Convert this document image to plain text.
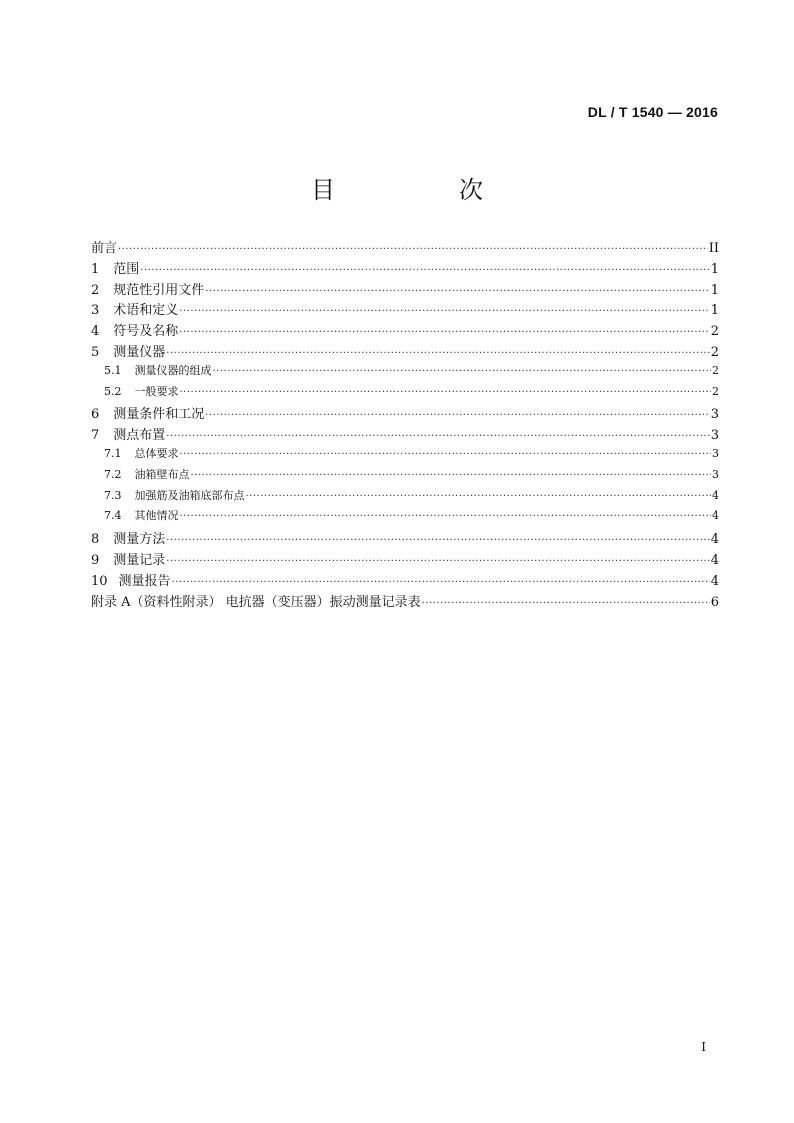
DL / T 1540 — 2016
目　次
前言 ·····	II
1 范围 ·····	1
2 规范性引用文件 ·····	1
3 术语和定义 ·····	1
4 符号及名称 ·····	2
5 测量仪器 ·····	2
5.1 测量仪器的组成 ·····	2
5.2 一般要求 ·····	2
6 测量条件和工况 ·····	3
7 测点布置 ·····	3
7.1 总体要求 ·····	3
7.2 油箱壁布点 ·····	3
7.3 加强筋及油箱底部布点 ·····	4
7.4 其他情况 ·····	4
8 测量方法 ·····	4
9 测量记录 ·····	4
10 测量报告 ·····	4
附录 A（资料性附录） 电抗器（变压器）振动测量记录表 ·····	6
I
